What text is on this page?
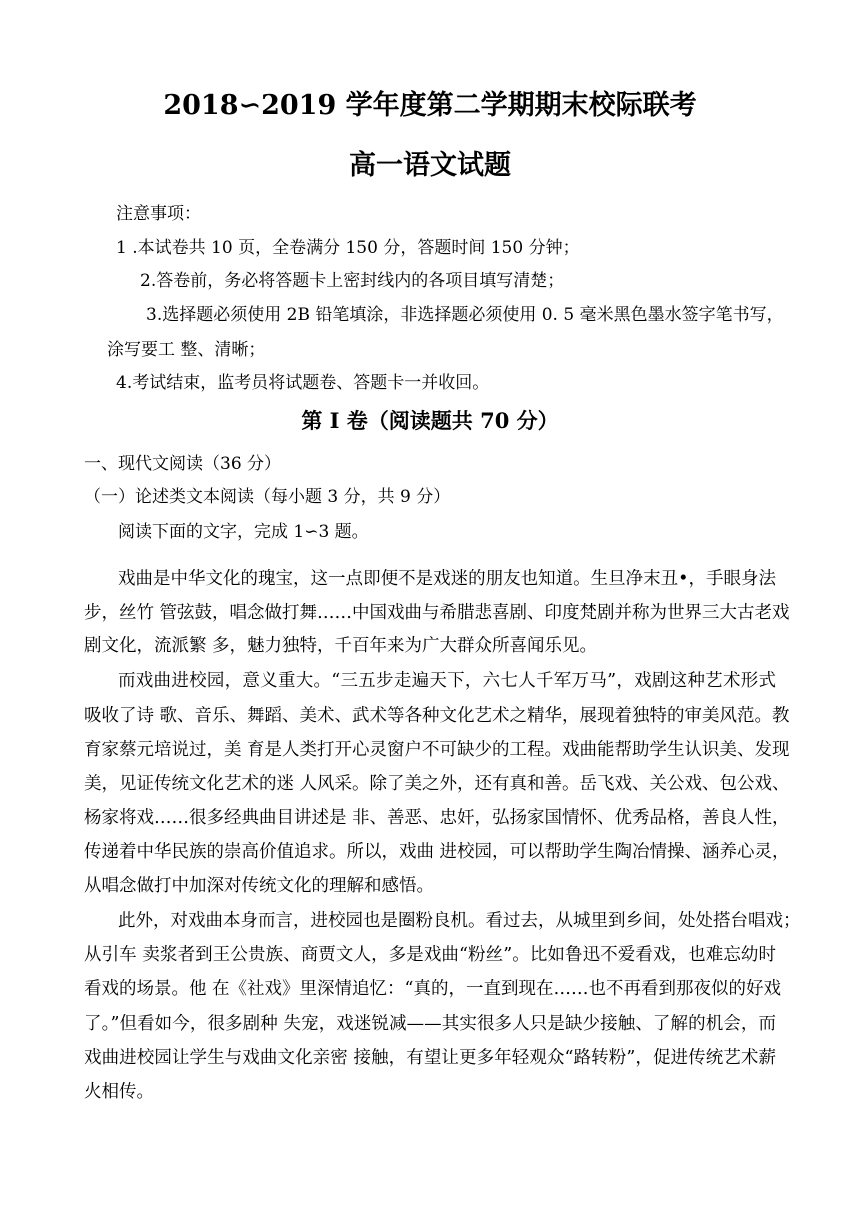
2018∽2019 学年度第二学期期末校际联考
高一语文试题
注意事项：
1 .本试卷共 10 页，全卷满分 150 分，答题时间 150 分钟；
2.答卷前，务必将答题卡上密封线内的各项目填写清楚；
3.选择题必须使用 2B 铅笔填涂，非选择题必须使用 0. 5 毫米黑色墨水签字笔书写，
涂写要工 整、清晰；
4.考试结束，监考员将试题卷、答题卡一并收回。
第 I 卷（阅读题共 70 分）
一、现代文阅读（36 分）
（一）论述类文本阅读（每小题 3 分，共 9 分）
阅读下面的文字，完成 1∽3 题。
戏曲是中华文化的瑰宝，这一点即便不是戏迷的朋友也知道。生旦净末丑•，手眼身法
步，丝竹 管弦鼓，唱念做打舞……中国戏曲与希腊悲喜剧、印度梵剧并称为世界三大古老戏
剧文化，流派繁 多，魅力独特，千百年来为广大群众所喜闻乐见。
而戏曲进校园，意义重大。“三五步走遍天下，六七人千军万马”，戏剧这种艺术形式
吸收了诗 歌、音乐、舞蹈、美术、武术等各种文化艺术之精华，展现着独特的审美风范。教
育家蔡元培说过，美 育是人类打开心灵窗户不可缺少的工程。戏曲能帮助学生认识美、发现
美，见证传统文化艺术的迷 人风采。除了美之外，还有真和善。岳飞戏、关公戏、包公戏、
杨家将戏……很多经典曲目讲述是 非、善恶、忠奸，弘扬家国情怀、优秀品格，善良人性，
传递着中华民族的崇高价值追求。所以，戏曲 进校园，可以帮助学生陶冶情操、涵养心灵，
从唱念做打中加深对传统文化的理解和感悟。
此外，对戏曲本身而言，进校园也是圈粉良机。看过去，从城里到乡间，处处搭台唱戏；
从引车 卖浆者到王公贵族、商贾文人，多是戏曲“粉丝”。比如鲁迅不爱看戏，也难忘幼时
看戏的场景。他 在《社戏》里深情追忆：“真的，一直到现在……也不再看到那夜似的好戏
了。”但看如今，很多剧种 失宠，戏迷锐减——其实很多人只是缺少接触、了解的机会，而
戏曲进校园让学生与戏曲文化亲密 接触，有望让更多年轻观众“路转粉”，促进传统艺术薪
火相传。
